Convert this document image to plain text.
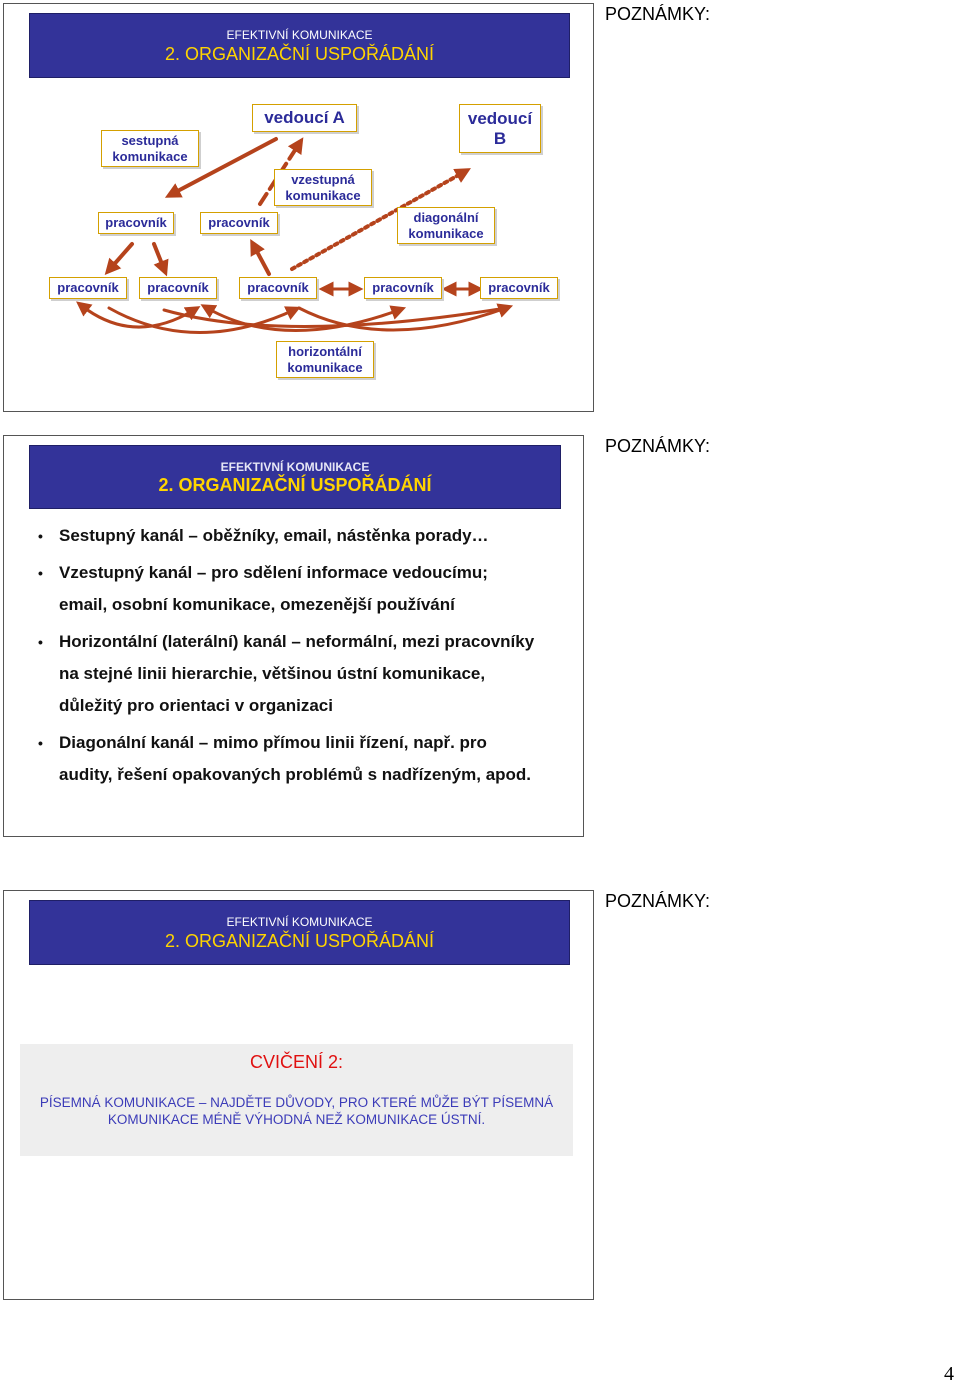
EFEKTIVNÍ KOMUNIKACE
2. ORGANIZAČNÍ USPOŘÁDÁNÍ
vedoucí A	vedoucí
B
sestupná
komunikace
vzestupná
komunikace
diagonální
komunikace
pracovník	pracovník
pracovník pracovník	pracovník	pracovník	pracovník
horizontální
komunikace
POZNÁMKY:
EFEKTIVNÍ KOMUNIKACE
2. ORGANIZAČNÍ USPOŘÁDÁNÍ
POZNÁMKY:
• Sestupný kanál – oběžníky, email, nástěnka porady…
• Vzestupný kanál – pro sdělení informace vedoucímu;
email, osobní komunikace, omezenější používání
• Horizontální (laterální) kanál – neformální, mezi pracovníky
na stejné linii hierarchie, většinou ústní komunikace,
důležitý pro orientaci v organizaci
• Diagonální kanál – mimo přímou linii řízení, např. pro
audity, řešení opakovaných problémů s nadřízeným, apod.
EFEKTIVNÍ KOMUNIKACE
2. ORGANIZAČNÍ USPOŘÁDÁNÍ
POZNÁMKY:
CVIČENÍ 2:
PÍSEMNÁ KOMUNIKACE – NAJDĚTE DŮVODY, PRO KTERÉ MŮŽE BÝT PÍSEMNÁ
KOMUNIKACE MÉNĚ VÝHODNÁ NEŽ KOMUNIKACE ÚSTNÍ.
4
